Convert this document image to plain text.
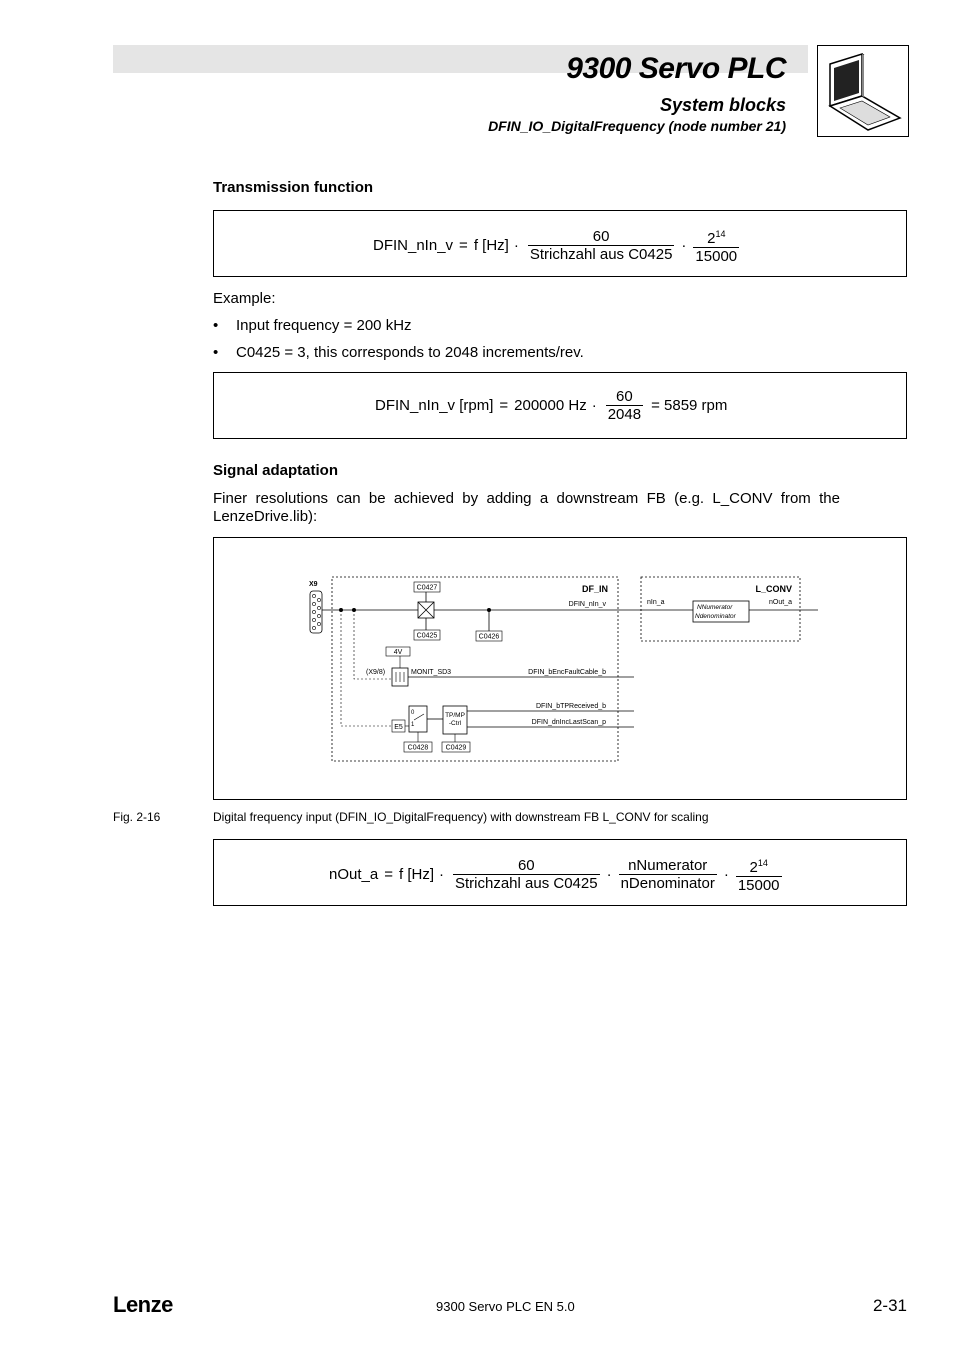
9300 Servo PLC
System blocks
DFIN_IO_DigitalFrequency (node number 21)
Transmission function
DFIN_nIn_v = f $[Hz] \cdot \frac{60}{\text{Strichzahl aus C0425}} \cdot \frac{2^{14}}{15000}$
Example:
• Input frequency = 200 kHz
• C0425 = 3, this corresponds to 2048 increments/rev.
DFIN_nIn_v [rpm] = 200000 $Hz \cdot \frac{60}{2048} = 5859$ rpm
Signal adaptation
Finer  resolutions  can  be  achieved  by  adding  a  downstream  FB  (e.g.  L_CONV  from  the
LenzeDrive.lib):
X9	DF_IN	L_CONV
C0427
C0425	C0426
DFIN_nIn_v
4V
(X9/8)	MONIT_SD3	DFIN_bEncFaultCable_b
E5
0
1
C0428
TP/MP
-Ctrl
C0429
DFIN_bTPReceived_b
DFIN_dnIncLastScan_p
nIn_a
NNumerator
Ndenominator
nOut_a
Fig. 2-16	Digital frequency input (DFIN_IO_DigitalFrequency) with downstream FB L_CONV for scaling
nOut_a = f $[Hz] \cdot \frac{60}{\text{Strichzahl aus C0425}} \cdot \frac{\text{nNumerator}}{\text{nDenominator}} \cdot \frac{2^{14}}{15000}$
Lenze	9300 Servo PLC EN 5.0	2-31
